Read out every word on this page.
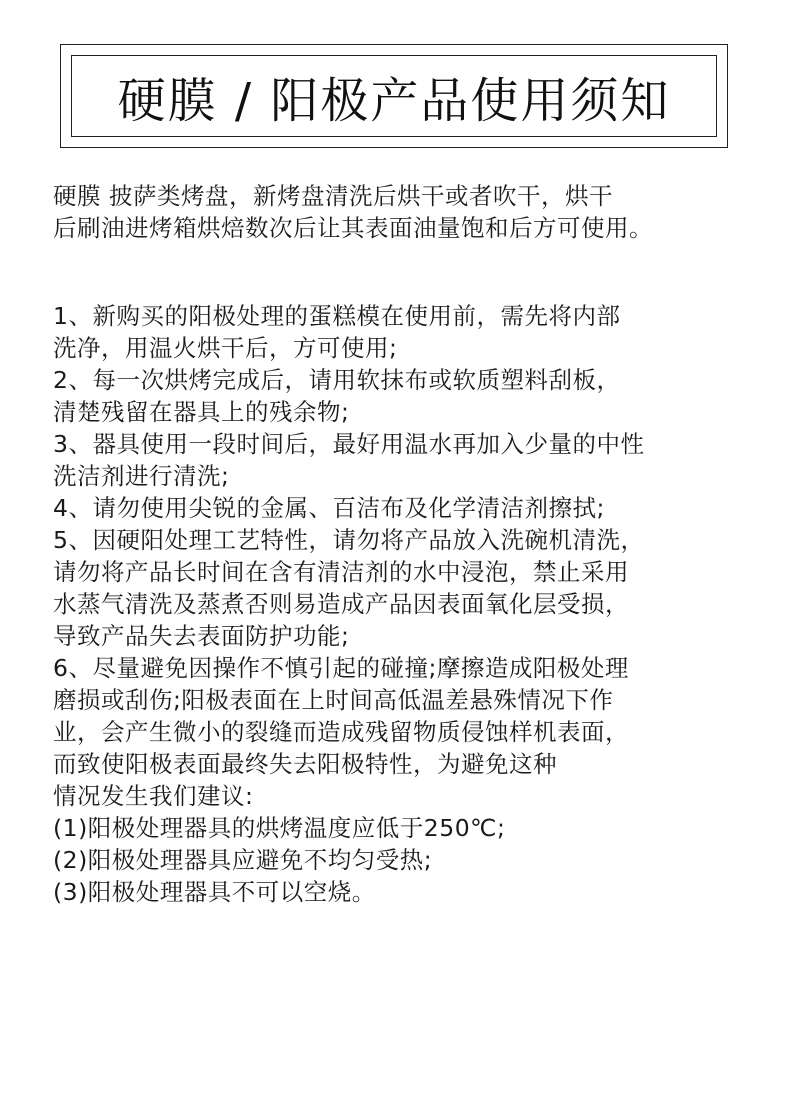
硬膜 / 阳极产品使用须知
硬膜 披萨类烤盘，新烤盘清洗后烘干或者吹干，烘干
后刷油进烤箱烘焙数次后让其表面油量饱和后方可使用。
1、新购买的阳极处理的蛋糕模在使用前，需先将内部
洗净，用温火烘干后，方可使用;
2、每一次烘烤完成后，请用软抹布或软质塑料刮板，
清楚残留在器具上的残余物;
3、器具使用一段时间后，最好用温水再加入少量的中性
洗洁剂进行清洗;
4、请勿使用尖锐的金属、百洁布及化学清洁剂擦拭;
5、因硬阳处理工艺特性，请勿将产品放入洗碗机清洗，
请勿将产品长时间在含有清洁剂的水中浸泡，禁止采用
水蒸气清洗及蒸煮否则易造成产品因表面氧化层受损，
导致产品失去表面防护功能;
6、尽量避免因操作不慎引起的碰撞;摩擦造成阳极处理
磨损或刮伤;阳极表面在上时间高低温差悬殊情况下作
业，会产生微小的裂缝而造成残留物质侵蚀样机表面，
而致使阳极表面最终失去阳极特性，为避免这种
情况发生我们建议:
(1)阳极处理器具的烘烤温度应低于250℃;
(2)阳极处理器具应避免不均匀受热;
(3)阳极处理器具不可以空烧。
